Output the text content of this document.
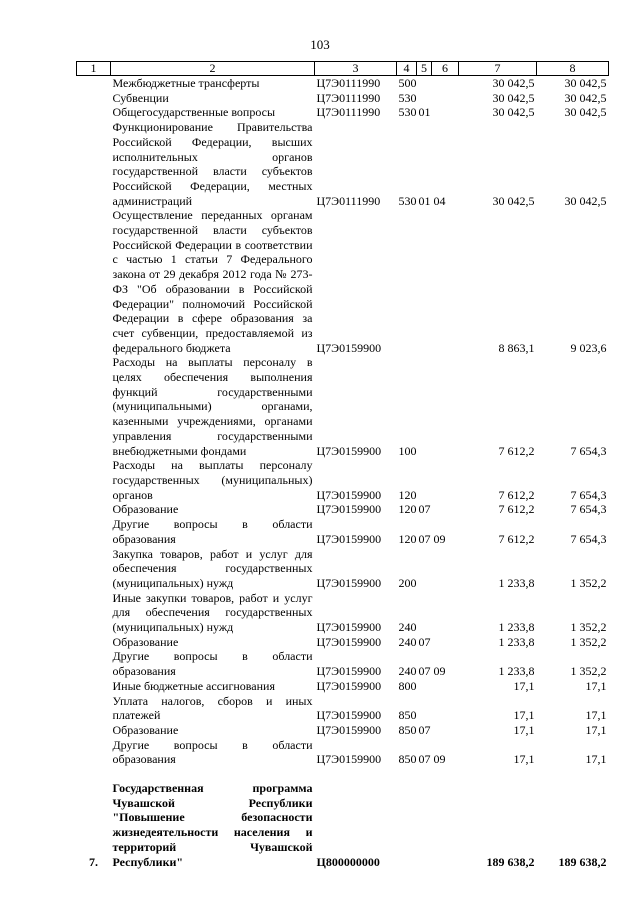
103
1	2	3	4	5	6	7	8
	Межбюджетные трансферты	Ц7Э0111990	500			30 042,5	30 042,5
	Субвенции	Ц7Э0111990	530			30 042,5	30 042,5
	Общегосударственные вопросы	Ц7Э0111990	530	01		30 042,5	30 042,5
	Функционирование Правительства Российской Федерации, высших исполнительных органов государственной власти субъектов Российской Федерации, местных администраций	Ц7Э0111990	530	01	04	30 042,5	30 042,5
	Осуществление переданных органам государственной власти субъектов Российской Федерации в соответствии с частью 1 статьи 7 Федерального закона от 29 декабря 2012 года № 273-ФЗ "Об образовании в Российской Федерации" полномочий Российской Федерации в сфере образования за счет субвенции, предоставляемой из федерального бюджета	Ц7Э0159900				8 863,1	9 023,6
	Расходы на выплаты персоналу в целях обеспечения выполнения функций государственными (муниципальными) органами, казенными учреждениями, органами управления государственными внебюджетными фондами	Ц7Э0159900	100			7 612,2	7 654,3
	Расходы на выплаты персоналу государственных (муниципальных) органов	Ц7Э0159900	120			7 612,2	7 654,3
	Образование	Ц7Э0159900	120	07		7 612,2	7 654,3
	Другие вопросы в области образования	Ц7Э0159900	120	07	09	7 612,2	7 654,3
	Закупка товаров, работ и услуг для обеспечения государственных (муниципальных) нужд	Ц7Э0159900	200			1 233,8	1 352,2
	Иные закупки товаров, работ и услуг для обеспечения государственных (муниципальных) нужд	Ц7Э0159900	240			1 233,8	1 352,2
	Образование	Ц7Э0159900	240	07		1 233,8	1 352,2
	Другие вопросы в области образования	Ц7Э0159900	240	07	09	1 233,8	1 352,2
	Иные бюджетные ассигнования	Ц7Э0159900	800			17,1	17,1
	Уплата налогов, сборов и иных платежей	Ц7Э0159900	850			17,1	17,1
	Образование	Ц7Э0159900	850	07		17,1	17,1
	Другие вопросы в области образования	Ц7Э0159900	850	07	09	17,1	17,1

7.	Государственная программа Чувашской Республики "Повышение безопасности жизнедеятельности населения и территорий Чувашской Республики"	Ц800000000				189 638,2	189 638,2
